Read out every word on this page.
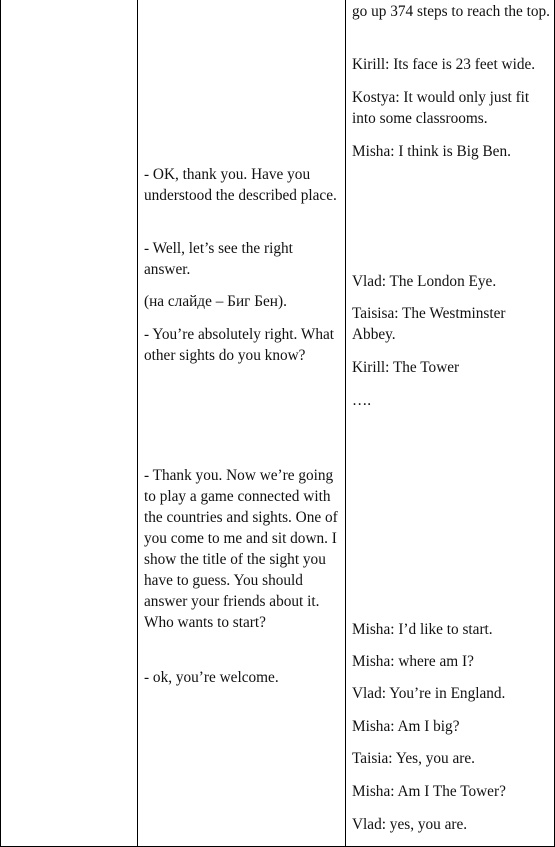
- OK, thank you. Have you understood the described place.

- Well, let’s see the right answer.

(на слайде – Биг Бен).

- You’re absolutely right. What other sights do you know?

- Thank you. Now we’re going to play a game connected with the countries and sights. One of you come to me and sit down. I show the title of the sight you have to guess. You should answer your friends about it. Who wants to start?

- ok, you’re welcome.

go up 374 steps to reach the top.

Kirill: Its face is 23 feet wide.

Kostya: It would only just fit into some classrooms.

Misha: I think is Big Ben.

Vlad: The London Eye.

Taisisa: The Westminster Abbey.

Kirill: The Tower

….

Misha: I’d like to start.

Misha: where am I?

Vlad: You’re in England.

Misha: Am I big?

Taisia: Yes, you are.

Misha: Am I The Tower?

Vlad: yes, you are.
